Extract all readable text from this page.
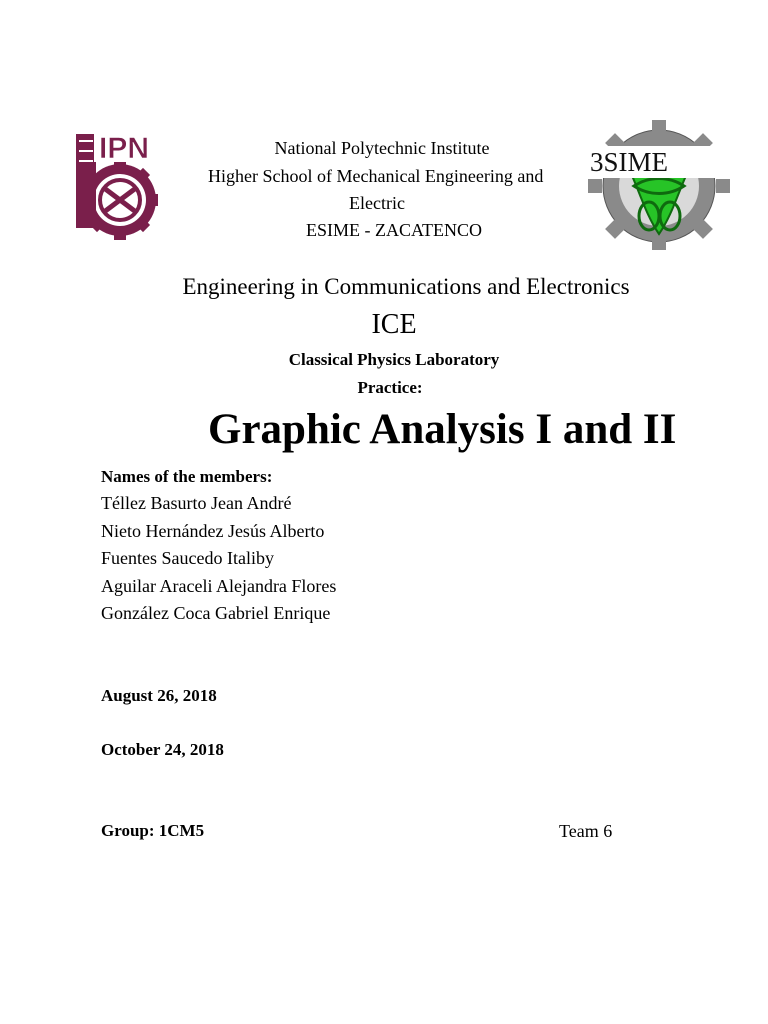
IPN	3SIME
National Polytechnic Institute
Higher School of Mechanical Engineering and
Electric
ESIME - ZACATENCO
Engineering in Communications and Electronics
ICE
Classical Physics Laboratory
Practice:
Graphic Analysis I and II
Names of the members:
Téllez Basurto Jean André
Nieto Hernández Jesús Alberto
Fuentes Saucedo Italiby
Aguilar Araceli Alejandra Flores
González Coca Gabriel Enrique
August 26, 2018
October 24, 2018
Group: 1CM5	Team 6
